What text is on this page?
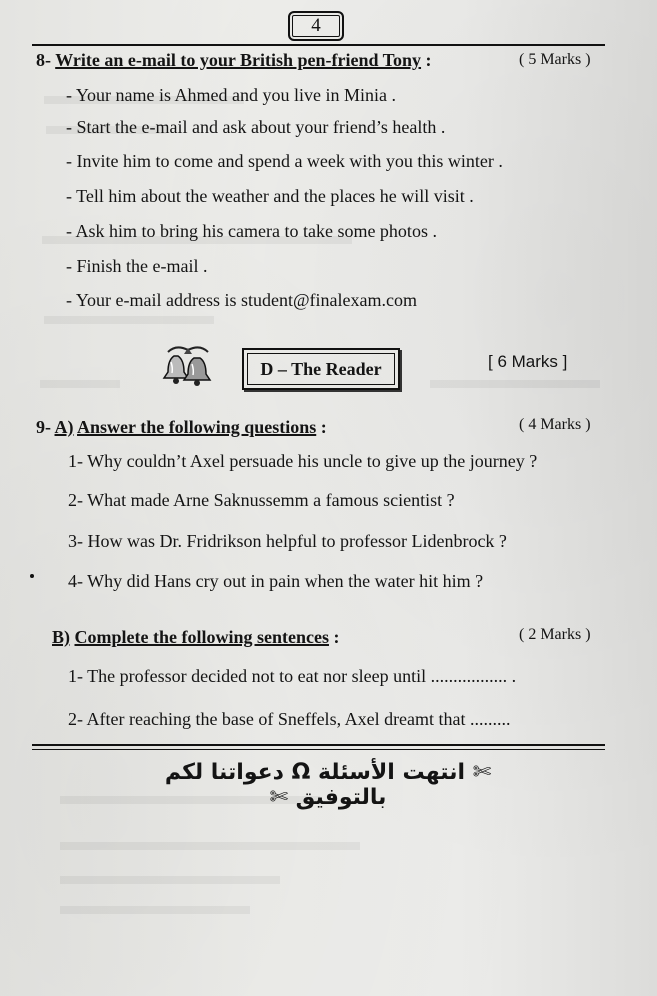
4
8- Write an e-mail to your British pen-friend Tony :	( 5 Marks )
- Your name is Ahmed and you live in Minia .
- Start the e-mail and ask about your friend’s health .
- Invite him to come and spend a week with you this winter .
- Tell him about the weather and the places he will visit .
- Ask him to bring his camera to take some photos .
- Finish the e-mail .
- Your e-mail address is student@finalexam.com
D – The Reader	[ 6 Marks ]
9- A) Answer the following questions :	( 4 Marks )
1- Why couldn’t Axel persuade his uncle to give up the journey ?
2- What made Arne Saknussemm a famous scientist ?
3- How was Dr. Fridrikson helpful to professor Lidenbrock ?
4- Why did Hans cry out in pain when the water hit him ?
B) Complete the following sentences :	( 2 Marks )
1- The professor decided not to eat nor sleep until ................. .
2- After reaching the base of Sneffels, Axel dreamt that .........
✄ انتهت الأسئلة Ω دعواتنا لكم بالتوفيق ✄
